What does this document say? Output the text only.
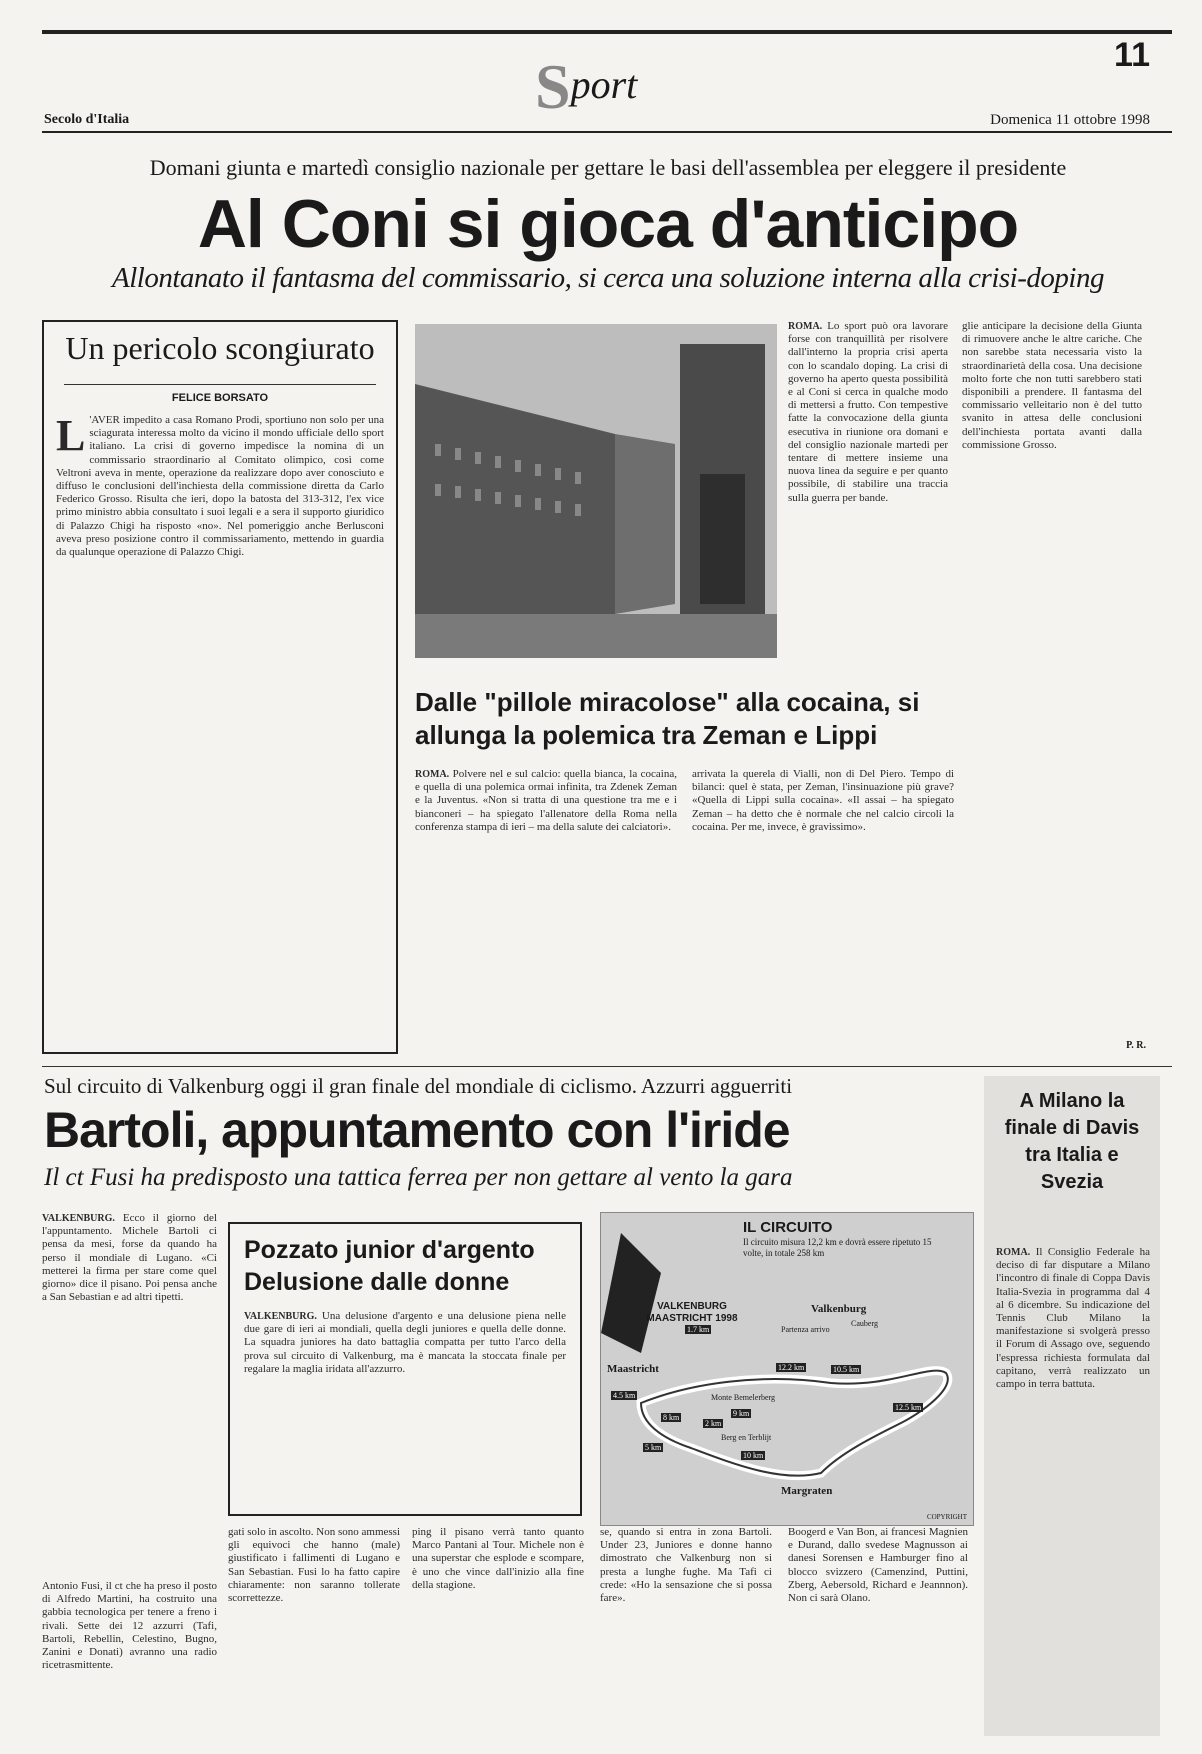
Sport
11
Secolo d'Italia	Domenica 11 ottobre 1998
Domani giunta e martedì consiglio nazionale per gettare le basi dell'assemblea per eleggere il presidente
Al Coni si gioca d'anticipo
Allontanato il fantasma del commissario, si cerca una soluzione interna alla crisi-doping
Un pericolo scongiurato
FELICE BORSATO
L 'AVER impedito a casa Romano Prodi, sportiuno non solo per una sciagurata interessa molto da vicino il mondo ufficiale dello sport italiano. La crisi di governo impedisce la nomina di un commissario straordinario al Comitato olimpico, così come Veltroni aveva in mente, operazione da realizzare dopo aver conosciuto e diffuso le conclusioni dell'inchiesta della commissione diretta da Carlo Federico Grosso. Risulta che ieri, dopo la batosta del 313-312, l'ex vice primo ministro abbia consultato i suoi legali e a sera il supporto giuridico di Palazzo Chigi ha risposto «no». Nel pomeriggio anche Berlusconi aveva preso posizione contro il commissariamento, mettendo in guardia da qualunque operazione di Palazzo Chigi.
ROMA. Lo sport può ora lavorare forse con tranquillità per risolvere dall'interno la propria crisi aperta con lo scandalo doping. La crisi di governo ha aperto questa possibilità e al Coni si cerca in qualche modo di mettersi a frutto. Con tempestive fatte la convocazione della giunta esecutiva in riunione ora domani e del consiglio nazionale martedì per tentare di mettere insieme una nuova linea da seguire e per quanto possibile, di stabilire una traccia sulla guerra per bande.
glie anticipare la decisione della Giunta di rimuovere anche le altre cariche. Che non sarebbe stata necessaria visto la straordinarietà della cosa. Una decisione molto forte che non tutti sarebbero stati disponibili a prendere. Il fantasma del commissario velleitario non è del tutto svanito in attesa delle conclusioni dell'inchiesta portata avanti dalla commissione Grosso.
P. R.
Dalle "pillole miracolose" alla cocaina, si allunga la polemica tra Zeman e Lippi
ROMA. Polvere nel e sul calcio: quella bianca, la cocaina, e quella di una polemica ormai infinita, tra Zdenek Zeman e la Juventus. «Non si tratta di una questione tra me e i bianconeri – ha spiegato l'allenatore della Roma nella conferenza stampa di ieri – ma della salute dei calciatori».
arrivata la querela di Vialli, non di Del Piero. Tempo di bilanci: quel è stata, per Zeman, l'insinuazione più grave? «Quella di Lippi sulla cocaina». «Il assai – ha spiegato Zeman – ha detto che è normale che nel calcio circoli la cocaina. Per me, invece, è gravissimo».
Sul circuito di Valkenburg oggi il gran finale del mondiale di ciclismo. Azzurri agguerriti
Bartoli, appuntamento con l'iride
Il ct Fusi ha predisposto una tattica ferrea per non gettare al vento la gara
A Milano la finale di Davis tra Italia e Svezia
ROMA. Il Consiglio Federale ha deciso di far disputare a Milano l'incontro di finale di Coppa Davis Italia-Svezia in programma dal 4 al 6 dicembre. Su indicazione del Tennis Club Milano la manifestazione si svolgerà presso il Forum di Assago ove, seguendo l'espressa richiesta formulata dal capitano, verrà realizzato un campo in terra battuta.
VALKENBURG. Ecco il giorno del l'appuntamento. Michele Bartoli ci pensa da mesi, forse da quando ha perso il mondiale di Lugano. «Ci metterei la firma per stare come quel giorno» dice il pisano. Poi pensa anche a San Sebastian e ad altri tipetti.
Pozzato junior d'argento Delusione dalle donne
VALKENBURG. Una delusione d'argento e una delusione piena nelle due gare di ieri ai mondiali, quella degli juniores e quella delle donne. La squadra juniores ha dato battaglia compatta per tutto l'arco della prova sul circuito di Valkenburg, ma è mancata la stoccata finale per regalare la maglia iridata all'azzurro.
IL CIRCUITO
Il circuito misura 12,2 km e dovrà essere ripetuto 15 volte, in totale 258 km
VALKENBURG MAASTRICHT 1998
Valkenburg
Maastricht
Margraten
Berg en Terblijt
Cauberg
Partenza arrivo
Monte Bemelerberg
1.7 km
12.2 km	10.5 km
9 km
4.5 km
2 km
8 km
10 km
5 km
12.5 km
COPYRIGHT
Antonio Fusi, il ct che ha preso il posto di Alfredo Martini, ha costruito una gabbia tecnologica per tenere a freno i rivali. Sette dei 12 azzurri (Tafi, Bartoli, Rebellin, Celestino, Bugno, Zanini e Donati) avranno una radio ricetrasmittente.
gati solo in ascolto. Non sono ammessi gli equivoci che hanno (male) giustificato i fallimenti di Lugano e San Sebastian. Fusi lo ha fatto capire chiaramente: non saranno tollerate scorrettezze.
ping il pisano verrà tanto quanto Marco Pantani al Tour. Michele non è una superstar che esplode e scompare, è uno che vince dall'inizio alla fine della stagione.
se, quando si entra in zona Bartoli. Under 23, Juniores e donne hanno dimostrato che Valkenburg non si presta a lunghe fughe. Ma Tafi ci crede: «Ho la sensazione che si possa fare».
Boogerd e Van Bon, ai francesi Magnien e Durand, dallo svedese Magnusson ai danesi Sorensen e Hamburger fino al blocco svizzero (Camenzind, Puttini, Zberg, Aebersold, Richard e Jeannnon). Non ci sarà Olano.
